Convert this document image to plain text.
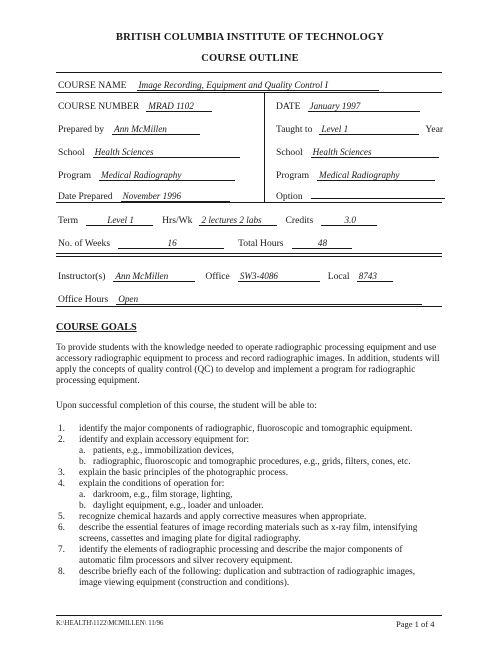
BRITISH COLUMBIA INSTITUTE OF TECHNOLOGY
COURSE OUTLINE
COURSE NAME Image Recording, Equipment and Quality Control I
COURSE NUMBER MRAD 1102	DATE January 1997
Prepared by Ann McMillen	Taught to Level 1	Year
School Health Sciences	School Health Sciences
Program Medical Radiography	Program Medical Radiography
Date Prepared November 1996	Option
Term	Level 1	Hrs/Wk 2 lectures 2 labs Credits	3.0
No. of Weeks	16	Total Hours	48
Instructor(s) Ann McMillen	Office SW3-4086	Local 8743
Office Hours Open
COURSE GOALS
To provide students with the knowledge needed to operate radiographic processing equipment and use accessory radiographic equipment to process and record radiographic images. In addition, students will apply the concepts of quality control (QC) to develop and implement a program for radiographic processing equipment.
Upon successful completion of this course, the student will be able to:
1. identify the major components of radiographic, fluoroscopic and tomographic equipment.
2. identify and explain accessory equipment for:
a. patients, e.g., immobilization devices,
b. radiographic, fluoroscopic and tomographic procedures, e.g., grids, filters, cones, etc.
3. explain the basic principles of the photographic process.
4. explain the conditions of operation for:
a. darkroom, e.g., film storage, lighting,
b. daylight equipment, e.g., loader and unloader.
5. recognize chemical hazards and apply corrective measures when appropriate.
6. describe the essential features of image recording materials such as x-ray film, intensifying
screens, cassettes and imaging plate for digital radiography.
7. identify the elements of radiographic processing and describe the major components of
automatic film processors and silver recovery equipment.
8. describe briefly each of the following: duplication and subtraction of radiographic images,
image viewing equipment (construction and conditions).
K:\HEALTH\1122\MCMILLEN\ 11/96	Page 1 of 4
